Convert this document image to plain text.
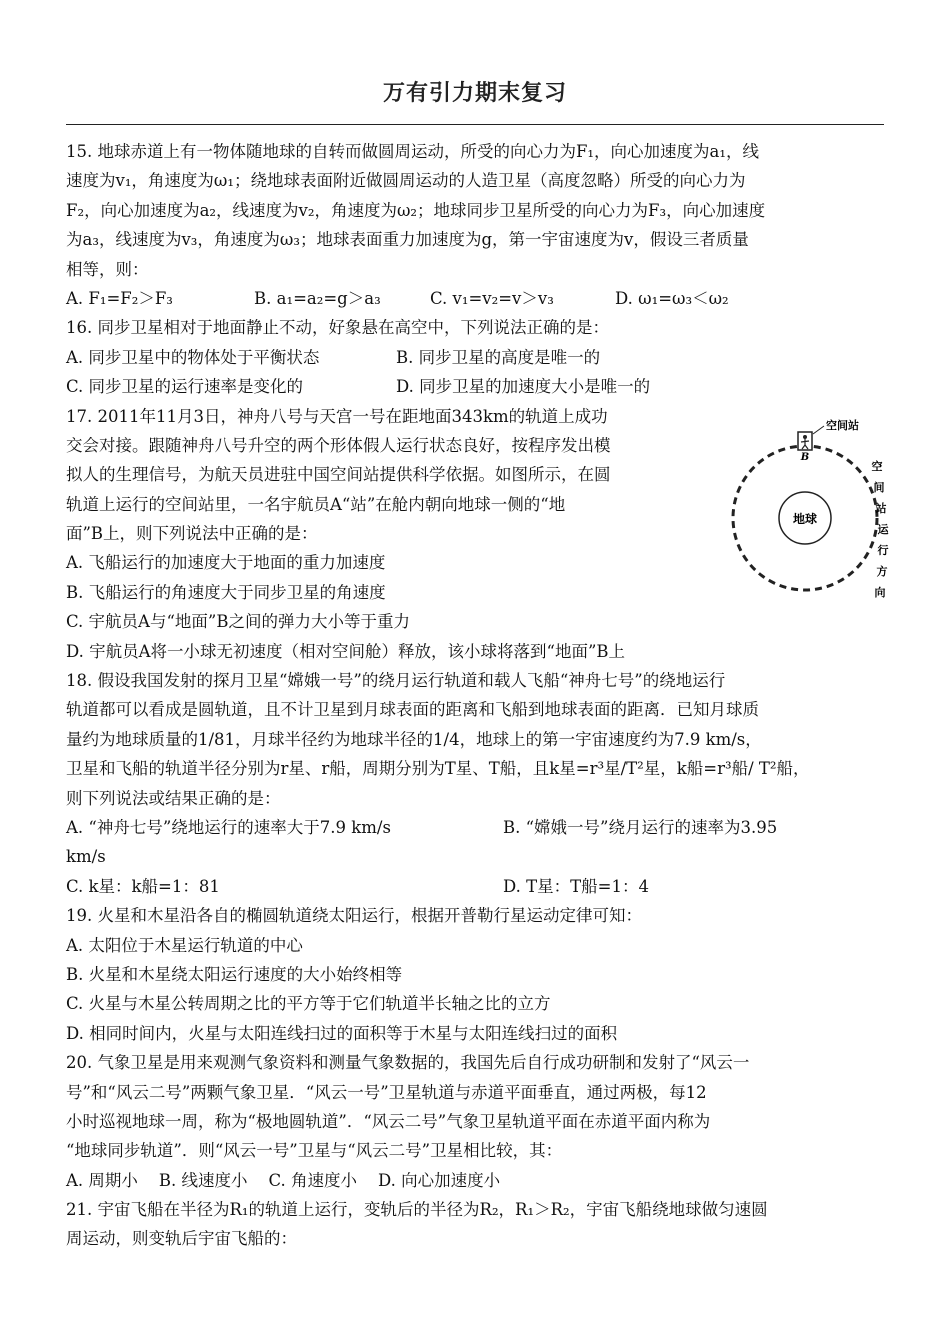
万有引力期末复习
15. 地球赤道上有一物体随地球的自转而做圆周运动，所受的向心力为F₁，向心加速度为a₁，线
速度为v₁，角速度为ω₁；绕地球表面附近做圆周运动的人造卫星（高度忽略）所受的向心力为
F₂，向心加速度为a₂，线速度为v₂，角速度为ω₂；地球同步卫星所受的向心力为F₃，向心加速度
为a₃，线速度为v₃，角速度为ω₃；地球表面重力加速度为g，第一宇宙速度为v，假设三者质量
相等，则：
A. F₁=F₂＞F₃	B. a₁=a₂=g＞a₃	C. v₁=v₂=v＞v₃	D. ω₁=ω₃＜ω₂
16. 同步卫星相对于地面静止不动，好象悬在高空中，下列说法正确的是：
A. 同步卫星中的物体处于平衡状态	B. 同步卫星的高度是唯一的
C. 同步卫星的运行速率是变化的	D. 同步卫星的加速度大小是唯一的
17. 2011年11月3日，神舟八号与天宫一号在距地面343km的轨道上成功
交会对接。跟随神舟八号升空的两个形体假人运行状态良好，按程序发出模
拟人的生理信号，为航天员进驻中国空间站提供科学依据。如图所示，在圆
轨道上运行的空间站里，一名宇航员A“站”在舱内朝向地球一侧的“地
面”B上，则下列说法中正确的是：
A. 飞船运行的加速度大于地面的重力加速度
B. 飞船运行的角速度大于同步卫星的角速度
C. 宇航员A与“地面”B之间的弹力大小等于重力
D. 宇航员A将一小球无初速度（相对空间舱）释放，该小球将落到“地面”B上
18. 假设我国发射的探月卫星“嫦娥一号”的绕月运行轨道和载人飞船“神舟七号”的绕地运行
轨道都可以看成是圆轨道，且不计卫星到月球表面的距离和飞船到地球表面的距离．已知月球质
量约为地球质量的1/81，月球半径约为地球半径的1/4，地球上的第一宇宙速度约为7.9 km/s，
卫星和飞船的轨道半径分别为r星、r船，周期分别为T星、T船，且k星=r³星/T²星，k船=r³船/ T²船，
则下列说法或结果正确的是：
A. “神舟七号”绕地运行的速率大于7.9 km/s	B. “嫦娥一号”绕月运行的速率为3.95
km/s
C. k星：k船=1：81	D. T星：T船=1：4
19. 火星和木星沿各自的椭圆轨道绕太阳运行，根据开普勒行星运动定律可知：
A. 太阳位于木星运行轨道的中心
B. 火星和木星绕太阳运行速度的大小始终相等
C. 火星与木星公转周期之比的平方等于它们轨道半长轴之比的立方
D. 相同时间内，火星与太阳连线扫过的面积等于木星与太阳连线扫过的面积
20. 气象卫星是用来观测气象资料和测量气象数据的，我国先后自行成功研制和发射了“风云一
号”和“风云二号”两颗气象卫星．“风云一号”卫星轨道与赤道平面垂直，通过两极，每12
小时巡视地球一周，称为“极地圆轨道”．“风云二号”气象卫星轨道平面在赤道平面内称为
“地球同步轨道”．则“风云一号”卫星与“风云二号”卫星相比较，其：
A. 周期小    B. 线速度小    C. 角速度小    D. 向心加速度小
21. 宇宙飞船在半径为R₁的轨道上运行，变轨后的半径为R₂，R₁＞R₂，宇宙飞船绕地球做匀速圆
周运动，则变轨后宇宙飞船的：
地球
空间站
B
空
间
站
运
行
方
向
